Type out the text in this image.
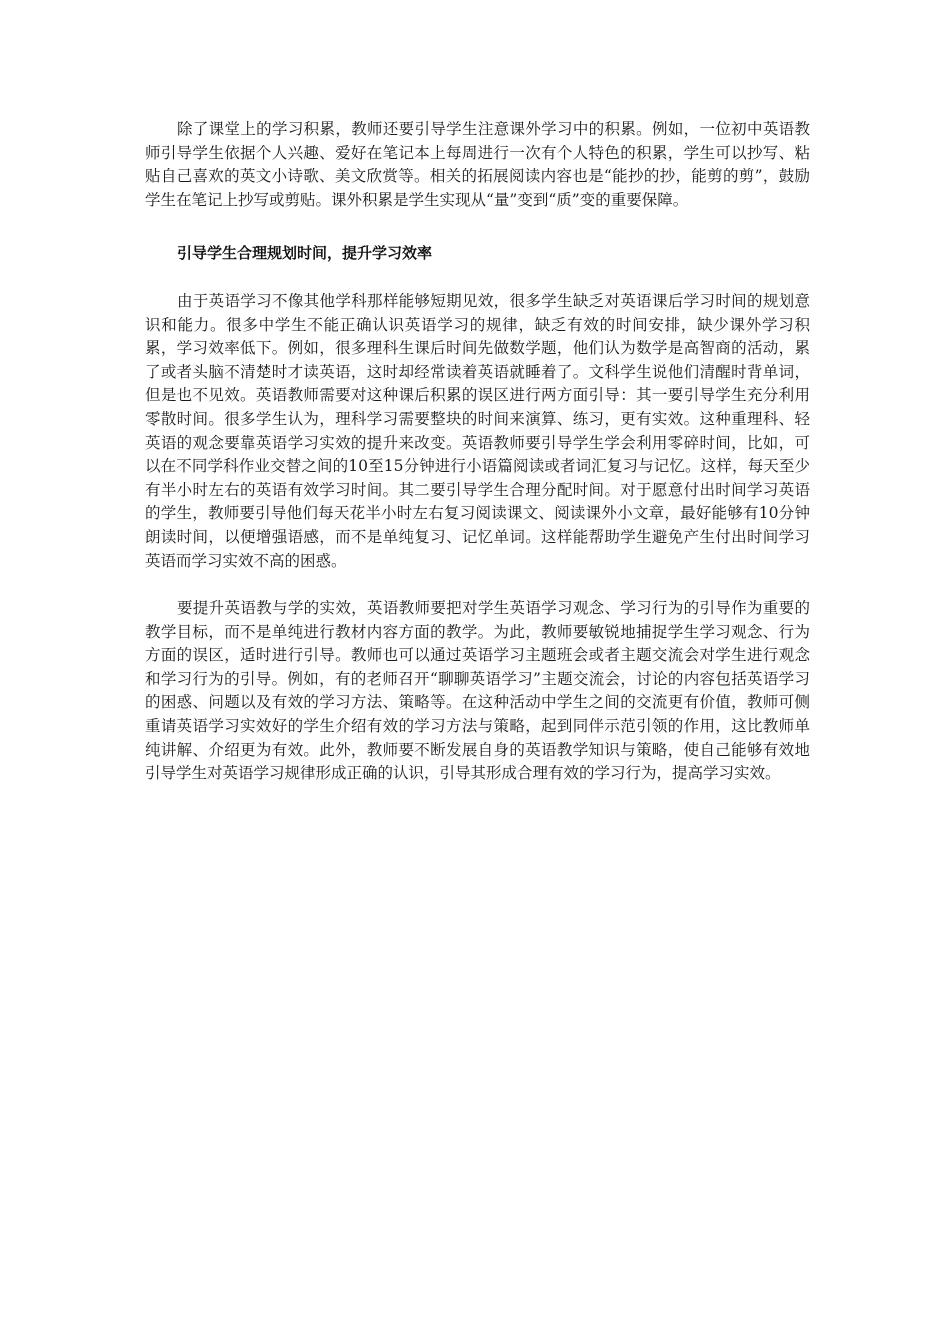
除了课堂上的学习积累，教师还要引导学生注意课外学习中的积累。例如，一位初中英语教师引导学生依据个人兴趣、爱好在笔记本上每周进行一次有个人特色的积累，学生可以抄写、粘贴自己喜欢的英文小诗歌、美文欣赏等。相关的拓展阅读内容也是“能抄的抄，能剪的剪”，鼓励学生在笔记上抄写或剪贴。课外积累是学生实现从“量”变到“质”变的重要保障。

引导学生合理规划时间，提升学习效率

由于英语学习不像其他学科那样能够短期见效，很多学生缺乏对英语课后学习时间的规划意识和能力。很多中学生不能正确认识英语学习的规律，缺乏有效的时间安排，缺少课外学习积累，学习效率低下。例如，很多理科生课后时间先做数学题，他们认为数学是高智商的活动，累了或者头脑不清楚时才读英语，这时却经常读着英语就睡着了。文科学生说他们清醒时背单词，但是也不见效。英语教师需要对这种课后积累的误区进行两方面引导：其一要引导学生充分利用零散时间。很多学生认为，理科学习需要整块的时间来演算、练习，更有实效。这种重理科、轻英语的观念要靠英语学习实效的提升来改变。英语教师要引导学生学会利用零碎时间，比如，可以在不同学科作业交替之间的10至15分钟进行小语篇阅读或者词汇复习与记忆。这样，每天至少有半小时左右的英语有效学习时间。其二要引导学生合理分配时间。对于愿意付出时间学习英语的学生，教师要引导他们每天花半小时左右复习阅读课文、阅读课外小文章，最好能够有10分钟朗读时间，以便增强语感，而不是单纯复习、记忆单词。这样能帮助学生避免产生付出时间学习英语而学习实效不高的困惑。

要提升英语教与学的实效，英语教师要把对学生英语学习观念、学习行为的引导作为重要的教学目标，而不是单纯进行教材内容方面的教学。为此，教师要敏锐地捕捉学生学习观念、行为方面的误区，适时进行引导。教师也可以通过英语学习主题班会或者主题交流会对学生进行观念和学习行为的引导。例如，有的老师召开“聊聊英语学习”主题交流会，讨论的内容包括英语学习的困惑、问题以及有效的学习方法、策略等。在这种活动中学生之间的交流更有价值，教师可侧重请英语学习实效好的学生介绍有效的学习方法与策略，起到同伴示范引领的作用，这比教师单纯讲解、介绍更为有效。此外，教师要不断发展自身的英语教学知识与策略，使自己能够有效地引导学生对英语学习规律形成正确的认识，引导其形成合理有效的学习行为，提高学习实效。
